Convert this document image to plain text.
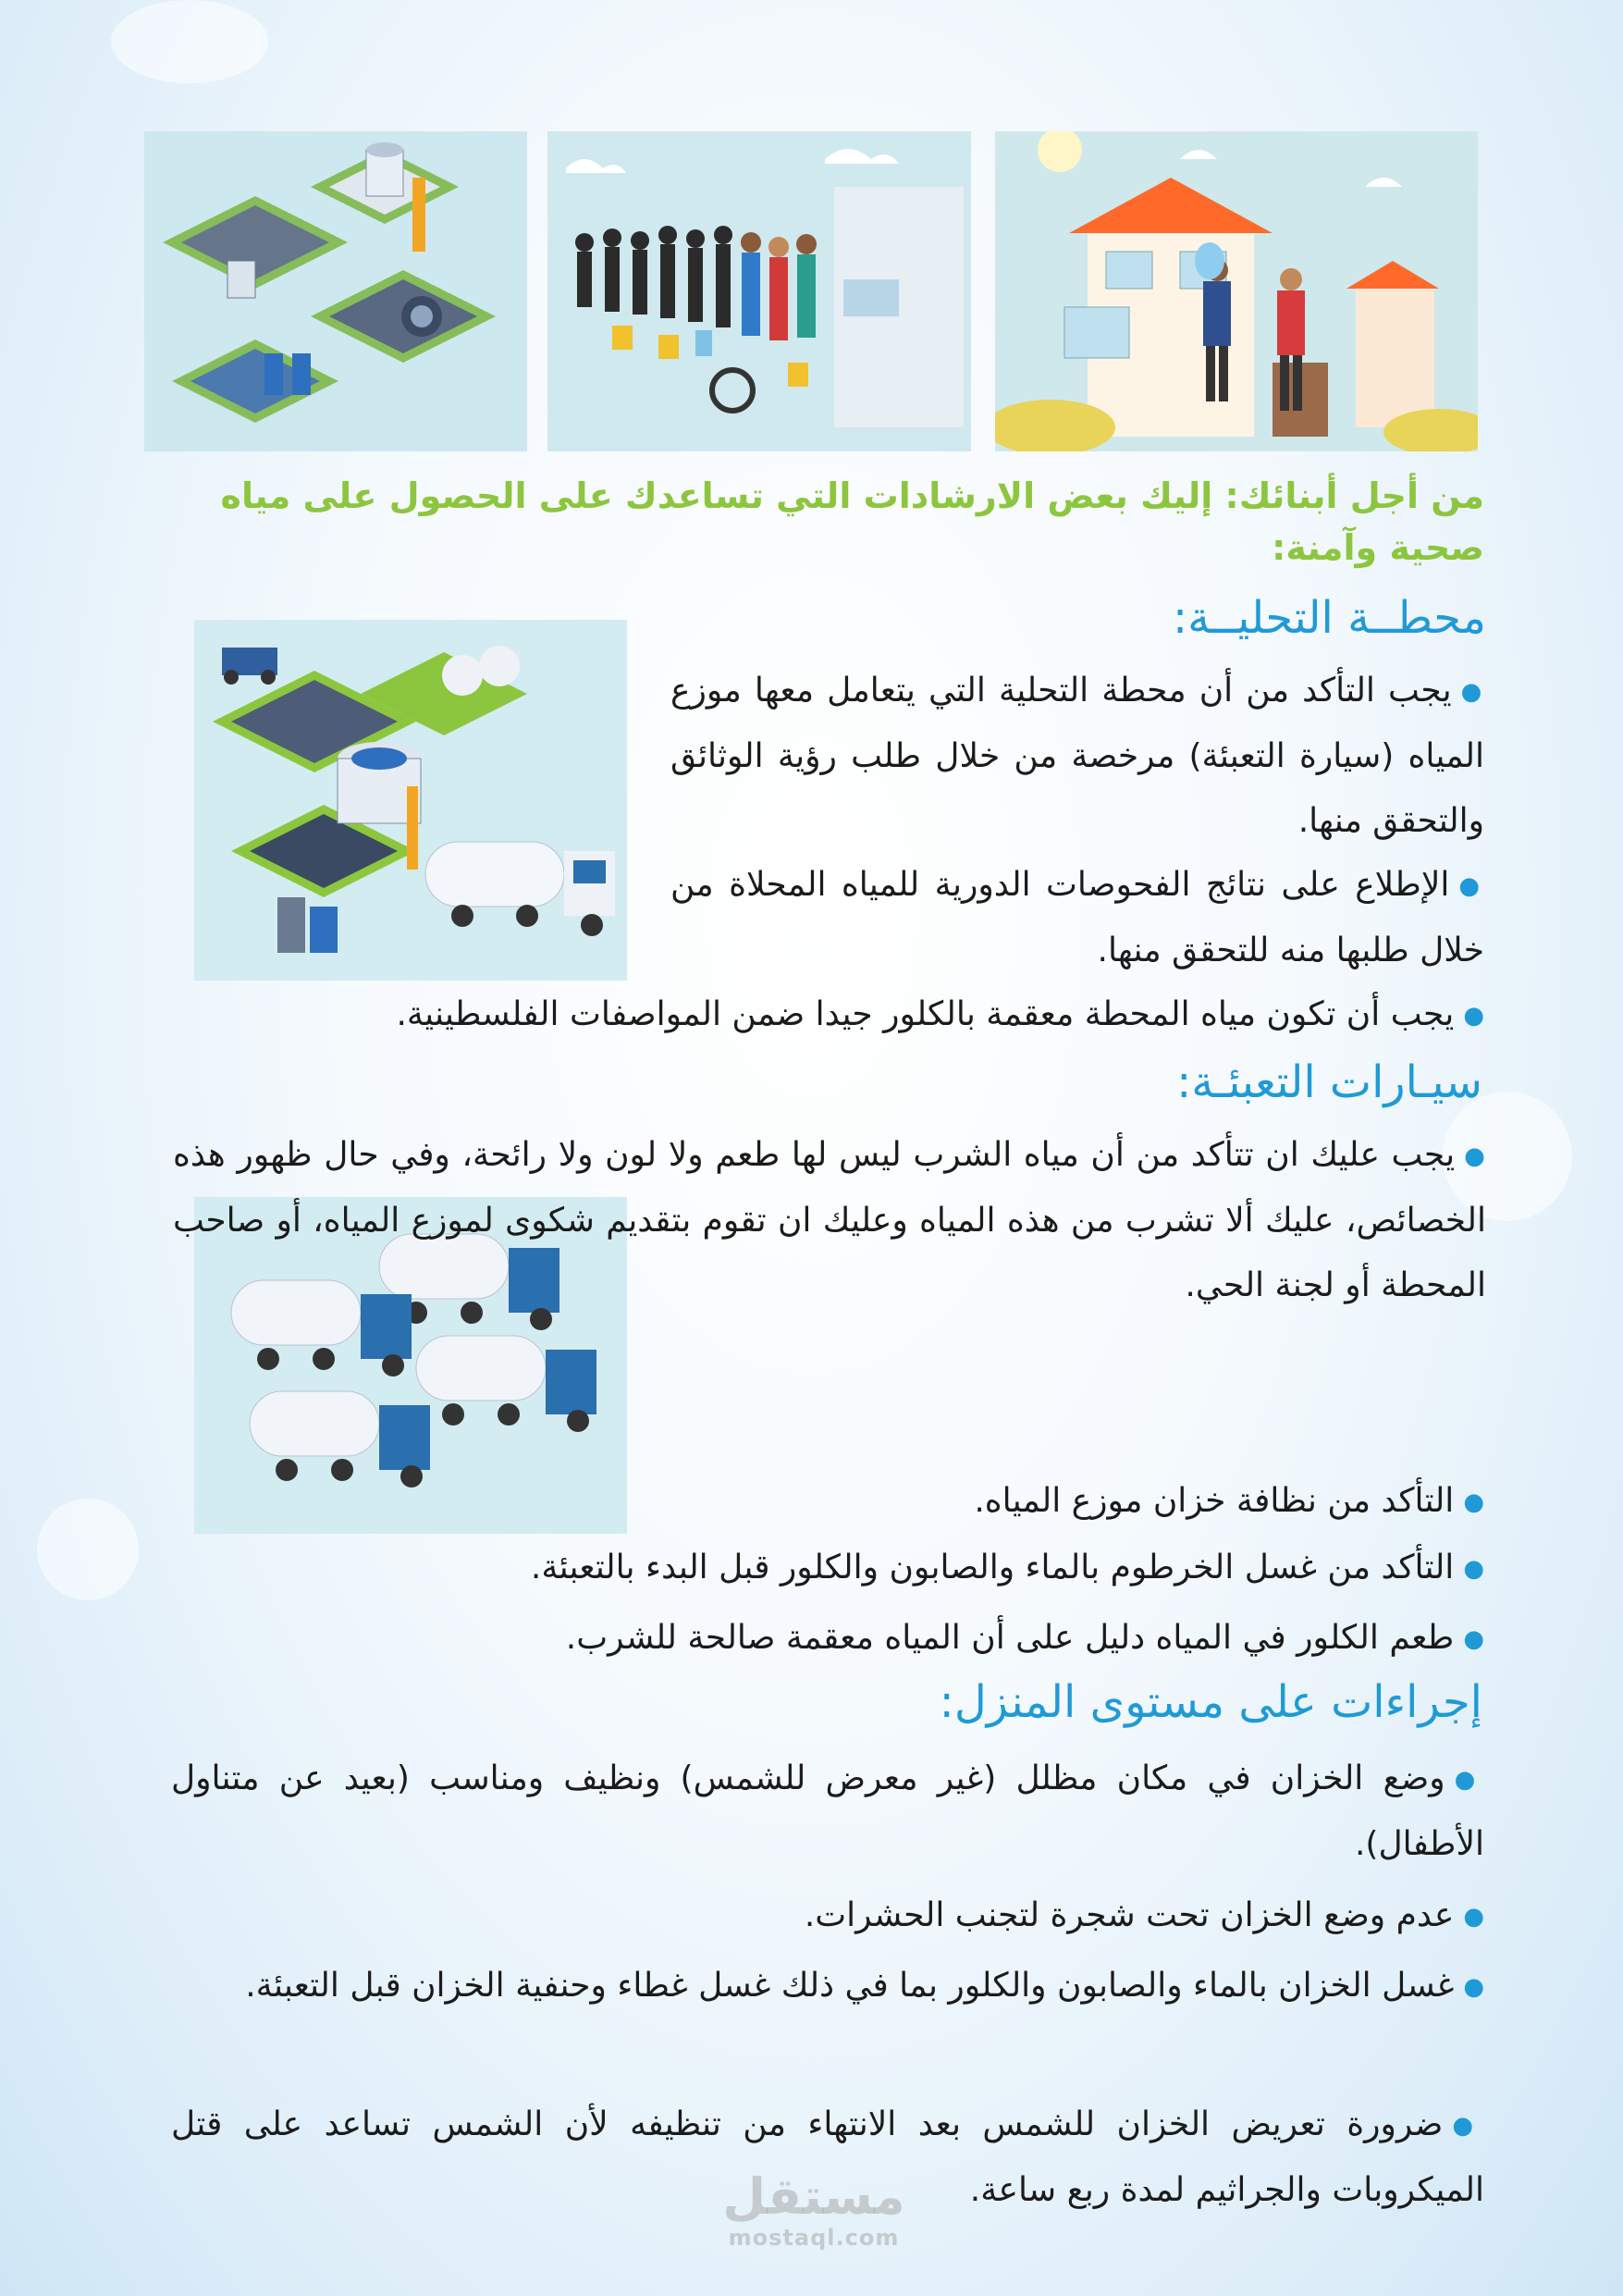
من أجل أبنائك: إليك بعض الارشادات التي تساعدك على الحصول على مياه صحية وآمنة:

محطــة التحليــة:

● يجب التأكد من أن محطة التحلية التي يتعامل معها موزع المياه (سيارة التعبئة) مرخصة من خلال طلب رؤية الوثائق والتحقق منها.

● الإطلاع على نتائج الفحوصات الدورية للمياه المحلاة من خلال طلبها منه للتحقق منها.

● يجب أن تكون مياه المحطة معقمة بالكلور جيدا ضمن المواصفات الفلسطينية.

سيـارات التعبئـة:

● يجب عليك ان تتأكد من أن مياه الشرب ليس لها طعم ولا لون ولا رائحة، وفي حال ظهور هذه الخصائص، عليك ألا تشرب من هذه المياه وعليك ان تقوم بتقديم شكوى لموزع المياه، أو صاحب المحطة أو لجنة الحي.

● التأكد من نظافة خزان موزع المياه.

● التأكد من غسل الخرطوم بالماء والصابون والكلور قبل البدء بالتعبئة.

● طعم الكلور في المياه دليل على أن المياه معقمة صالحة للشرب.

إجراءات على مستوى المنزل:

● وضع الخزان في مكان مظلل (غير معرض للشمس) ونظيف ومناسب (بعيد عن متناول الأطفال).

● عدم وضع الخزان تحت شجرة لتجنب الحشرات.

● غسل الخزان بالماء والصابون والكلور بما في ذلك غسل غطاء وحنفية الخزان قبل التعبئة.

● ضرورة تعريض الخزان للشمس بعد الانتهاء من تنظيفه لأن الشمس تساعد على قتل الميكروبات والجراثيم لمدة ربع ساعة.

مستقل
mostaql.com
